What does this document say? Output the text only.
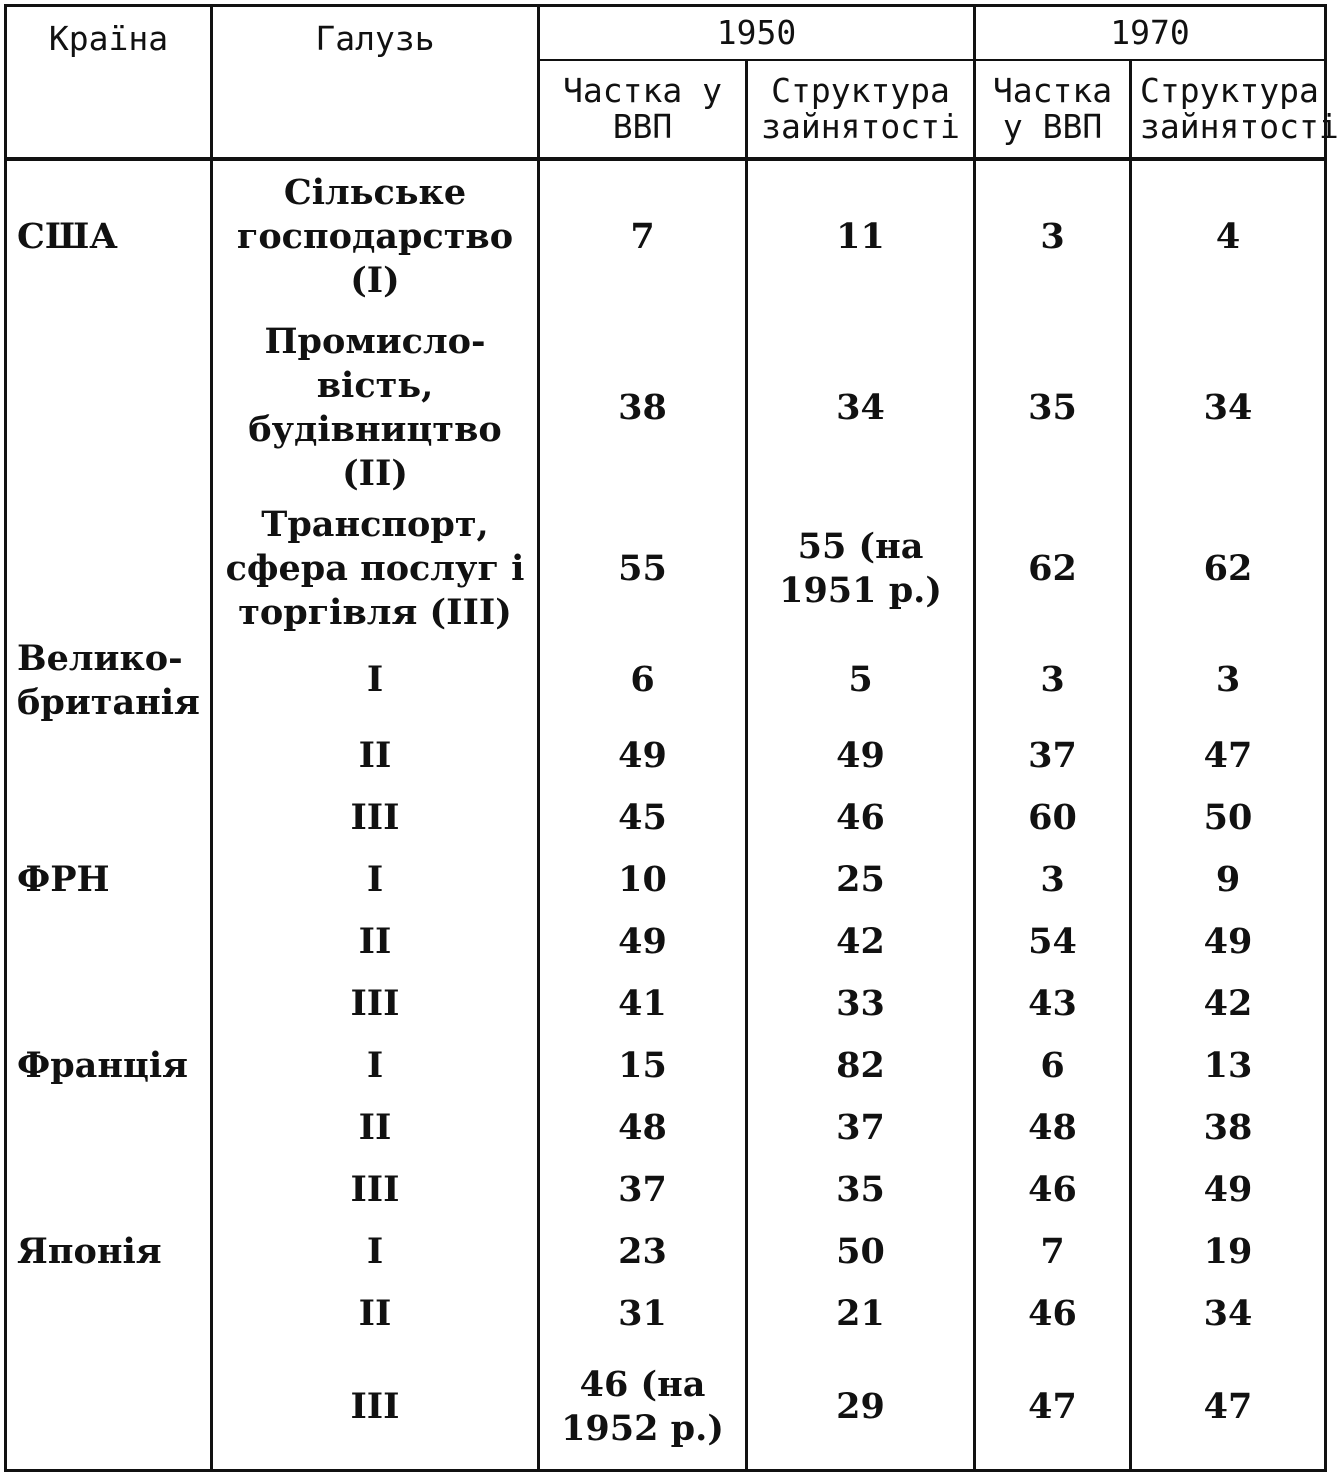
Країна	Галузь	1950		1970	
		Частка у ВВП	Структура зайнятості	Частка у ВВП	Структура зайнятості
США	Сільське господарство (I)	7	11	3	4
	Промисло-вість, будівництво (II)	38	34	35	34
	Транспорт, сфера послуг і торгівля (III)	55	55 (на 1951 р.)	62	62
Велико-британія	I	6	5	3	3
	II	49	49	37	47
	III	45	46	60	50
ФРН	I	10	25	3	9
	II	49	42	54	49
	III	41	33	43	42
Франція	I	15	82	6	13
	II	48	37	48	38
	III	37	35	46	49
Японія	I	23	50	7	19
	II	31	21	46	34
	III	46 (на 1952 р.)	29	47	47
